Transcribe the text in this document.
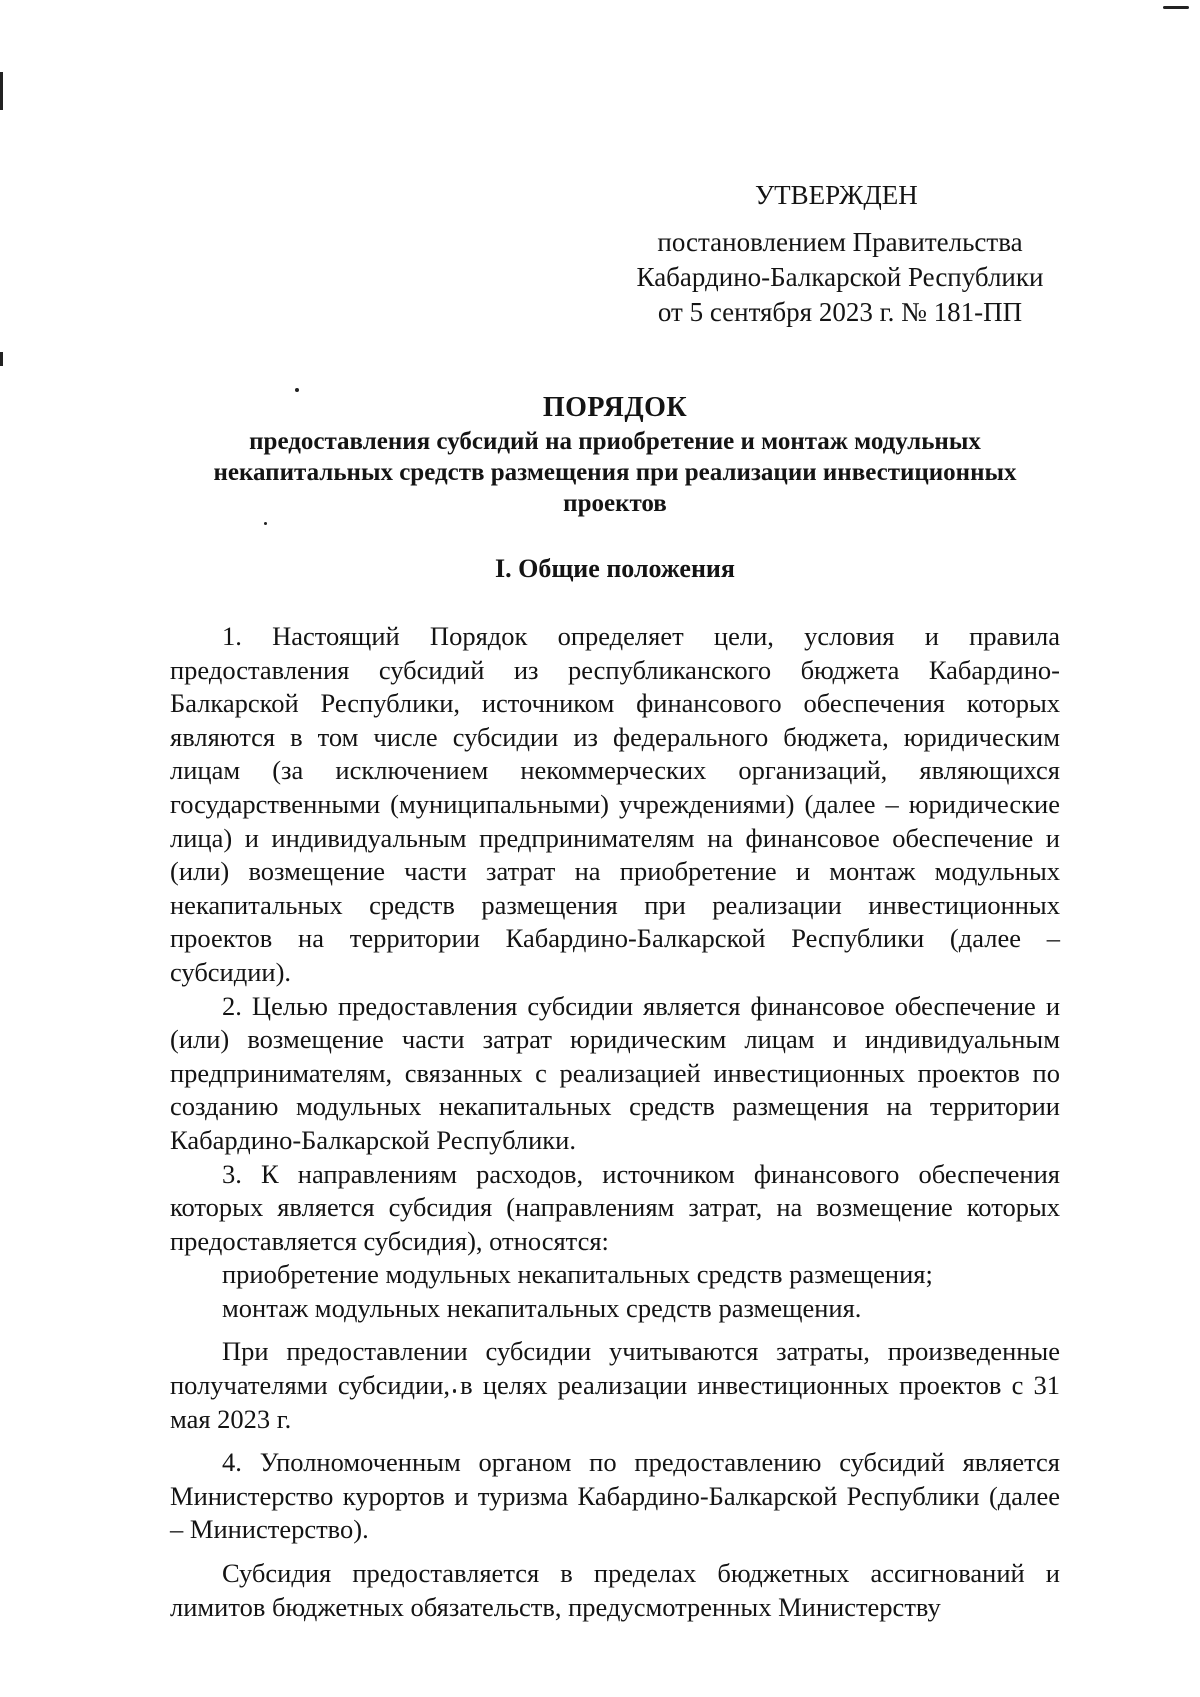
УТВЕРЖДЕН
постановлением Правительства
Кабардино-Балкарской Республики
от 5 сентября 2023 г. № 181-ПП
ПОРЯДОК
предоставления субсидий на приобретение и монтаж модульных некапитальных средств размещения при реализации инвестиционных проектов
I. Общие положения

1. Настоящий Порядок определяет цели, условия и правила предоставления субсидий из республиканского бюджета Кабардино-Балкарской Республики, источником финансового обеспечения которых являются в том числе субсидии из федерального бюджета, юридическим лицам (за исключением некоммерческих организаций, являющихся государственными (муниципальными) учреждениями) (далее – юридические лица) и индивидуальным предпринимателям на финансовое обеспечение и (или) возмещение части затрат на приобретение и монтаж модульных некапитальных средств размещения при реализации инвестиционных проектов на территории Кабардино-Балкарской Республики (далее – субсидии).

2. Целью предоставления субсидии является финансовое обеспечение и (или) возмещение части затрат юридическим лицам и индивидуальным предпринимателям, связанных с реализацией инвестиционных проектов по созданию модульных некапитальных средств размещения на территории Кабардино-Балкарской Республики.

3. К направлениям расходов, источником финансового обеспечения которых является субсидия (направлениям затрат, на возмещение которых предоставляется субсидия), относятся:

приобретение модульных некапитальных средств размещения;

монтаж модульных некапитальных средств размещения.

При предоставлении субсидии учитываются затраты, произведенные получателями субсидии, в целях реализации инвестиционных проектов с 31 мая 2023 г.

4. Уполномоченным органом по предоставлению субсидий является Министерство курортов и туризма Кабардино-Балкарской Республики (далее – Министерство).

Субсидия предоставляется в пределах бюджетных ассигнований и лимитов бюджетных обязательств, предусмотренных Министерству
